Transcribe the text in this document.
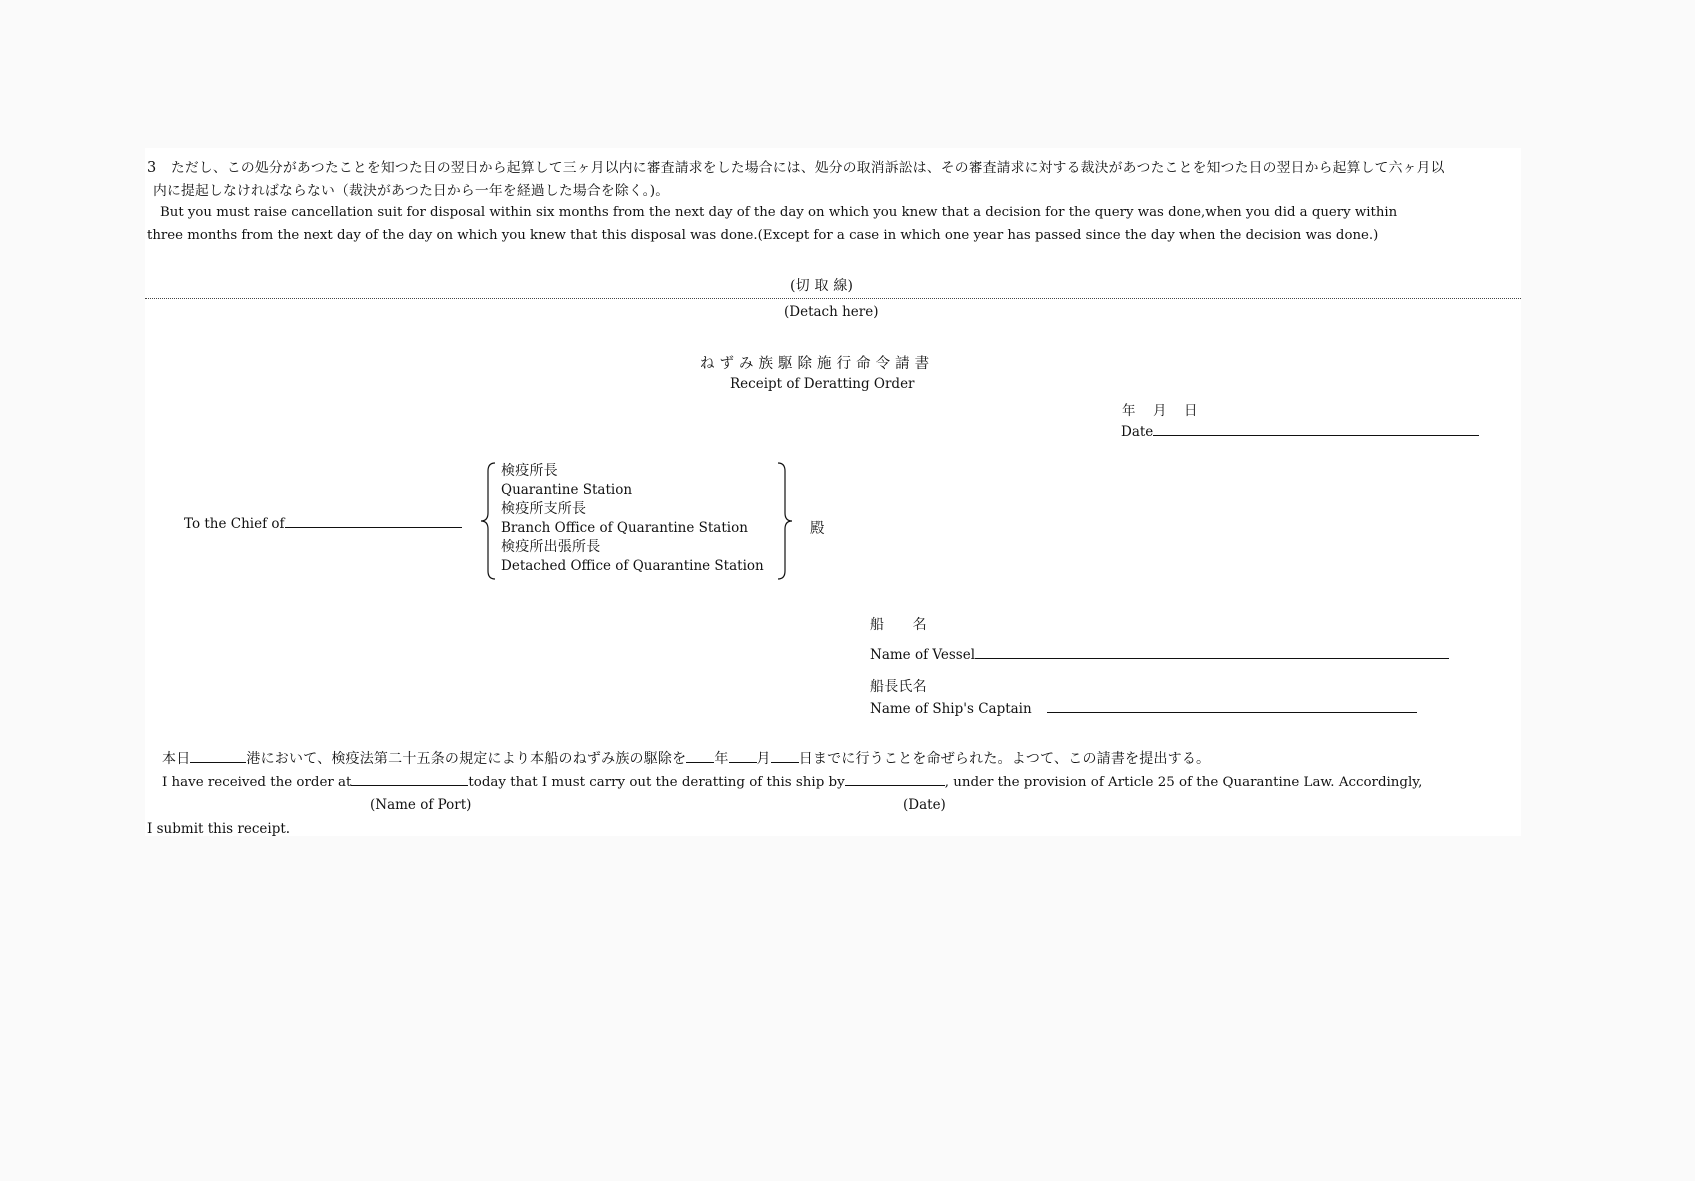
3 ただし、この処分があつたことを知つた日の翌日から起算して三ヶ月以内に審査請求をした場合には、処分の取消訴訟は、その審査請求に対する裁決があつたことを知つた日の翌日から起算して六ヶ月以
内に提起しなければならない（裁決があつた日から一年を経過した場合を除く。)。
But you must raise cancellation suit for disposal within six months from the next day of the day on which you knew that a decision for the query was done,when you did a query within
three months from the next day of the day on which you knew that this disposal was done.(Except for a case in which one year has passed since the day when the decision was done.)
(切 取 線)
(Detach here)
ね ず み 族 駆 除 施 行 命 令 請 書
Receipt of Deratting Order
年　月　日
Date
To the Chief of
検疫所長
Quarantine Station
検疫所支所長
Branch Office of Quarantine Station
検疫所出張所長
Detached Office of Quarantine Station
殿
船　　名
Name of Vessel
船長氏名
Name of Ship's Captain
本日	港において、検疫法第二十五条の規定により本船のねずみ族の駆除を 年 月 日までに行うことを命ぜられた。よつて、この請書を提出する。
I have received the order at	today that I must carry out the deratting of this ship by	, under the provision of Article 25 of the Quarantine Law. Accordingly,
(Name of Port)	(Date)
I submit this receipt.
